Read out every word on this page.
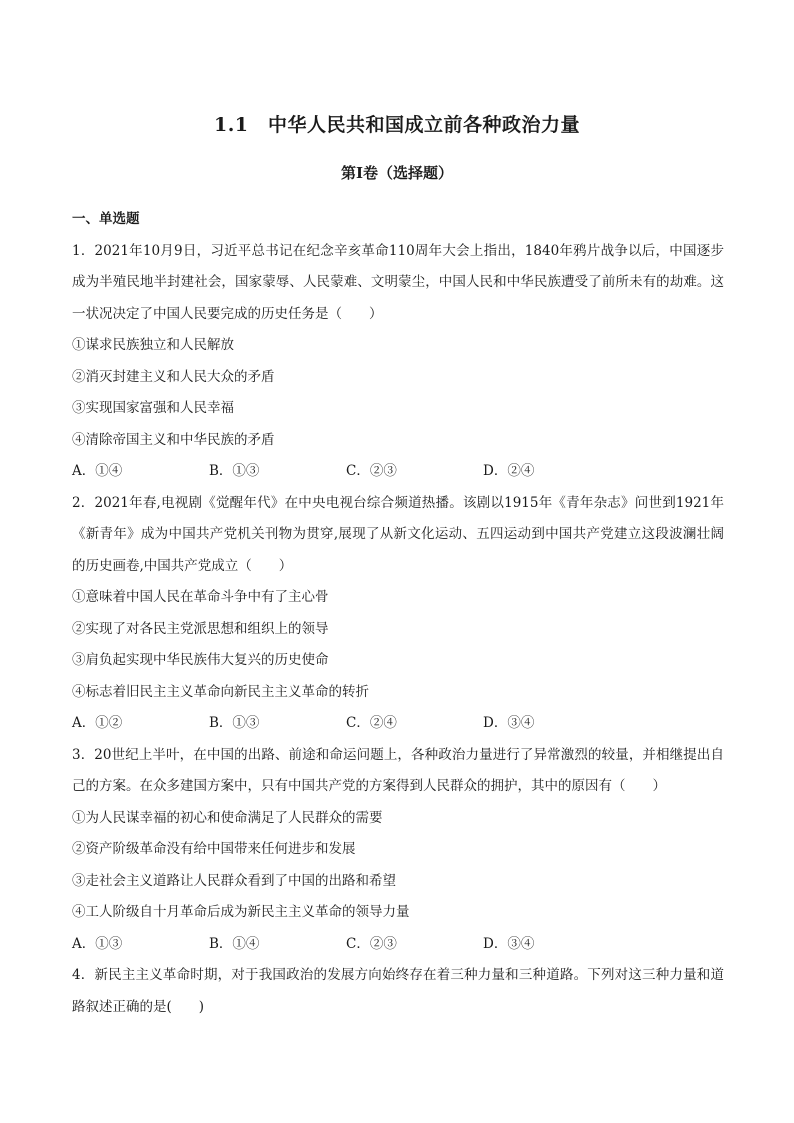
1.1　中华人民共和国成立前各种政治力量
第Ⅰ卷（选择题）
一、单选题
1．2021年10月9日，习近平总书记在纪念辛亥革命110周年大会上指出，1840年鸦片战争以后，中国逐步成为半殖民地半封建社会，国家蒙辱、人民蒙难、文明蒙尘，中国人民和中华民族遭受了前所未有的劫难。这一状况决定了中国人民要完成的历史任务是（　　）
①谋求民族独立和人民解放
②消灭封建主义和人民大众的矛盾
③实现国家富强和人民幸福
④清除帝国主义和中华民族的矛盾
A．①④	B．①③	C．②③	D．②④
2．2021年春,电视剧《觉醒年代》在中央电视台综合频道热播。该剧以1915年《青年杂志》问世到1921年《新青年》成为中国共产党机关刊物为贯穿,展现了从新文化运动、五四运动到中国共产党建立这段波澜壮阔的历史画卷,中国共产党成立（　　）
①意味着中国人民在革命斗争中有了主心骨
②实现了对各民主党派思想和组织上的领导
③肩负起实现中华民族伟大复兴的历史使命
④标志着旧民主主义革命向新民主主义革命的转折
A．①②	B．①③	C．②④	D．③④
3．20世纪上半叶，在中国的出路、前途和命运问题上，各种政治力量进行了异常激烈的较量，并相继提出自己的方案。在众多建国方案中，只有中国共产党的方案得到人民群众的拥护，其中的原因有（　　）
①为人民谋幸福的初心和使命满足了人民群众的需要
②资产阶级革命没有给中国带来任何进步和发展
③走社会主义道路让人民群众看到了中国的出路和希望
④工人阶级自十月革命后成为新民主主义革命的领导力量
A．①③	B．①④	C．②③	D．③④
4．新民主主义革命时期，对于我国政治的发展方向始终存在着三种力量和三种道路。下列对这三种力量和道路叙述正确的是(　　)
